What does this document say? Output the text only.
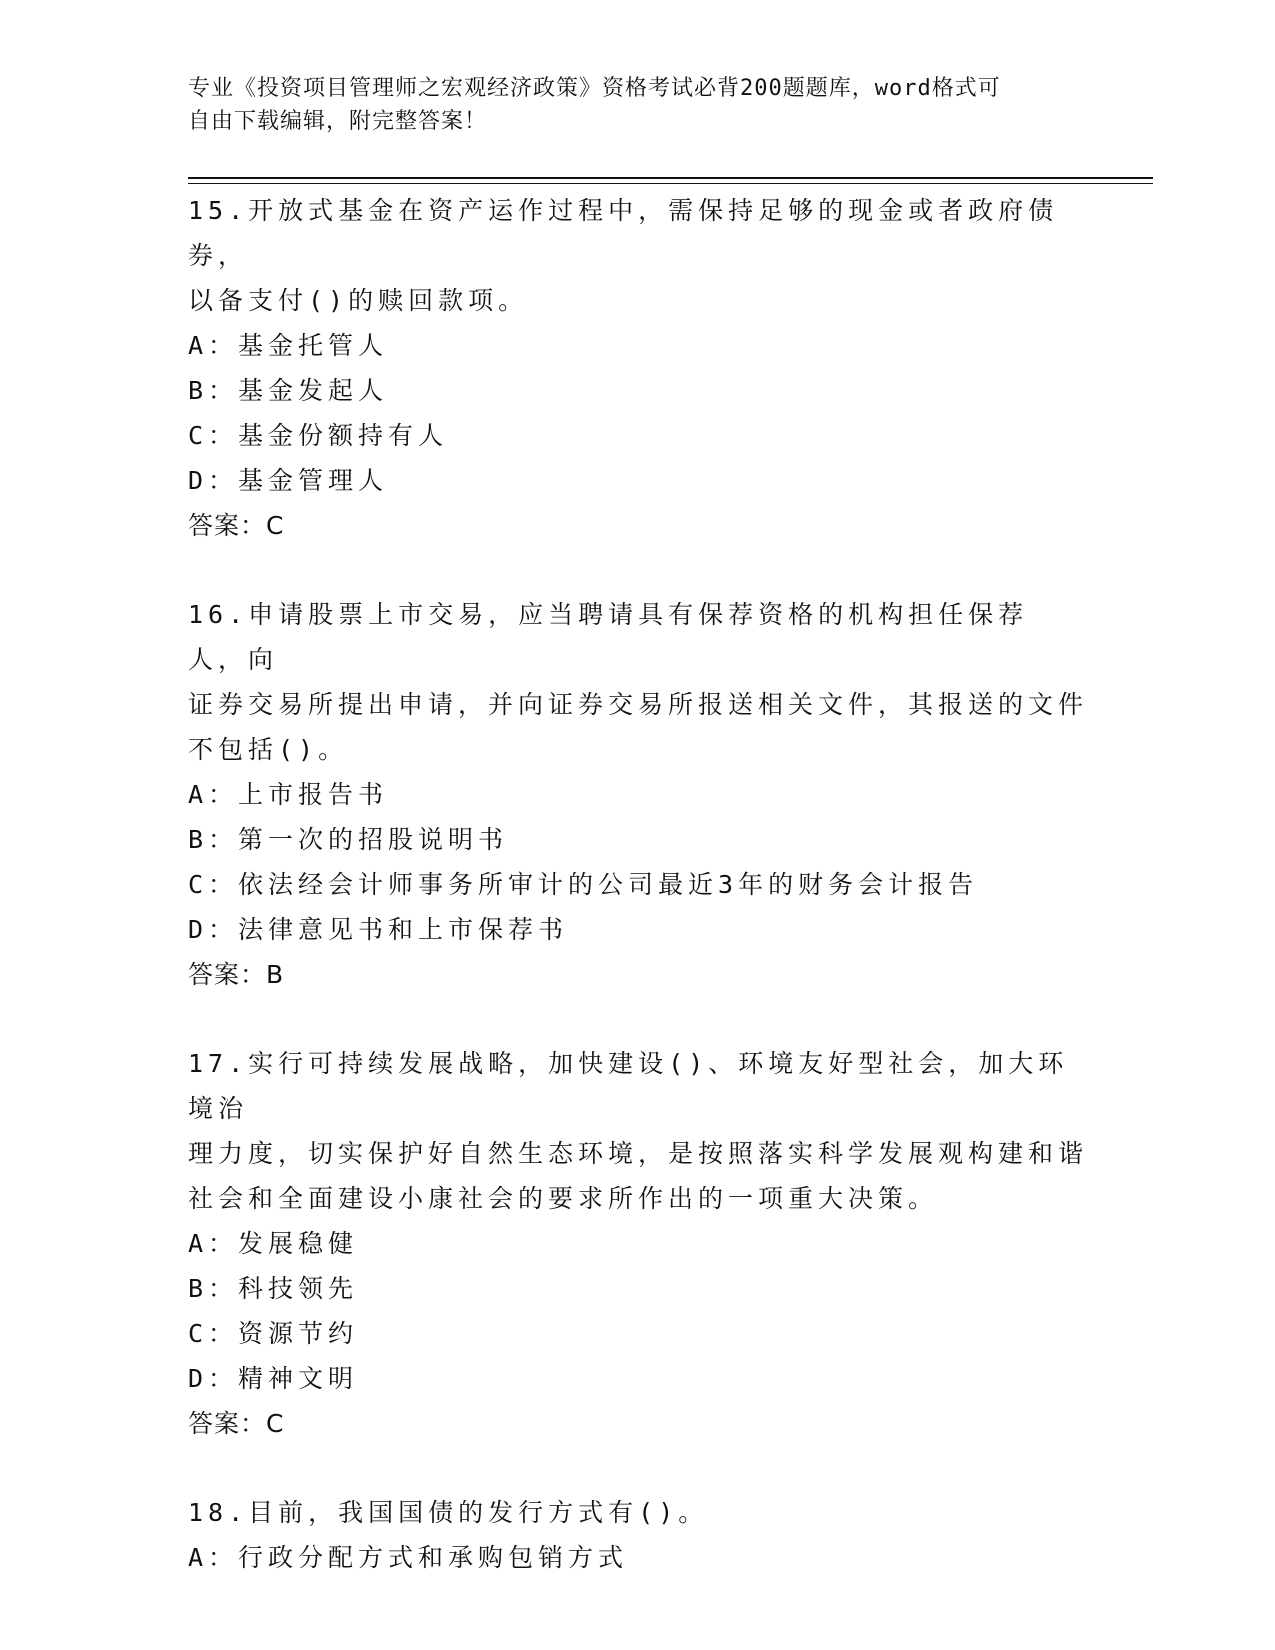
专业《投资项目管理师之宏观经济政策》资格考试必背200题题库，word格式可
自由下载编辑，附完整答案！
15.开放式基金在资产运作过程中，需保持足够的现金或者政府债券，
以备支付()的赎回款项。
A：基金托管人
B：基金发起人
C：基金份额持有人
D：基金管理人
答案：C
16.申请股票上市交易，应当聘请具有保荐资格的机构担任保荐人，向
证券交易所提出申请，并向证券交易所报送相关文件，其报送的文件
不包括()。
A：上市报告书
B：第一次的招股说明书
C：依法经会计师事务所审计的公司最近3年的财务会计报告
D：法律意见书和上市保荐书
答案：B
17.实行可持续发展战略，加快建设()、环境友好型社会，加大环境治
理力度，切实保护好自然生态环境，是按照落实科学发展观构建和谐
社会和全面建设小康社会的要求所作出的一项重大决策。
A：发展稳健
B：科技领先
C：资源节约
D：精神文明
答案：C
18.目前，我国国债的发行方式有()。
A：行政分配方式和承购包销方式
